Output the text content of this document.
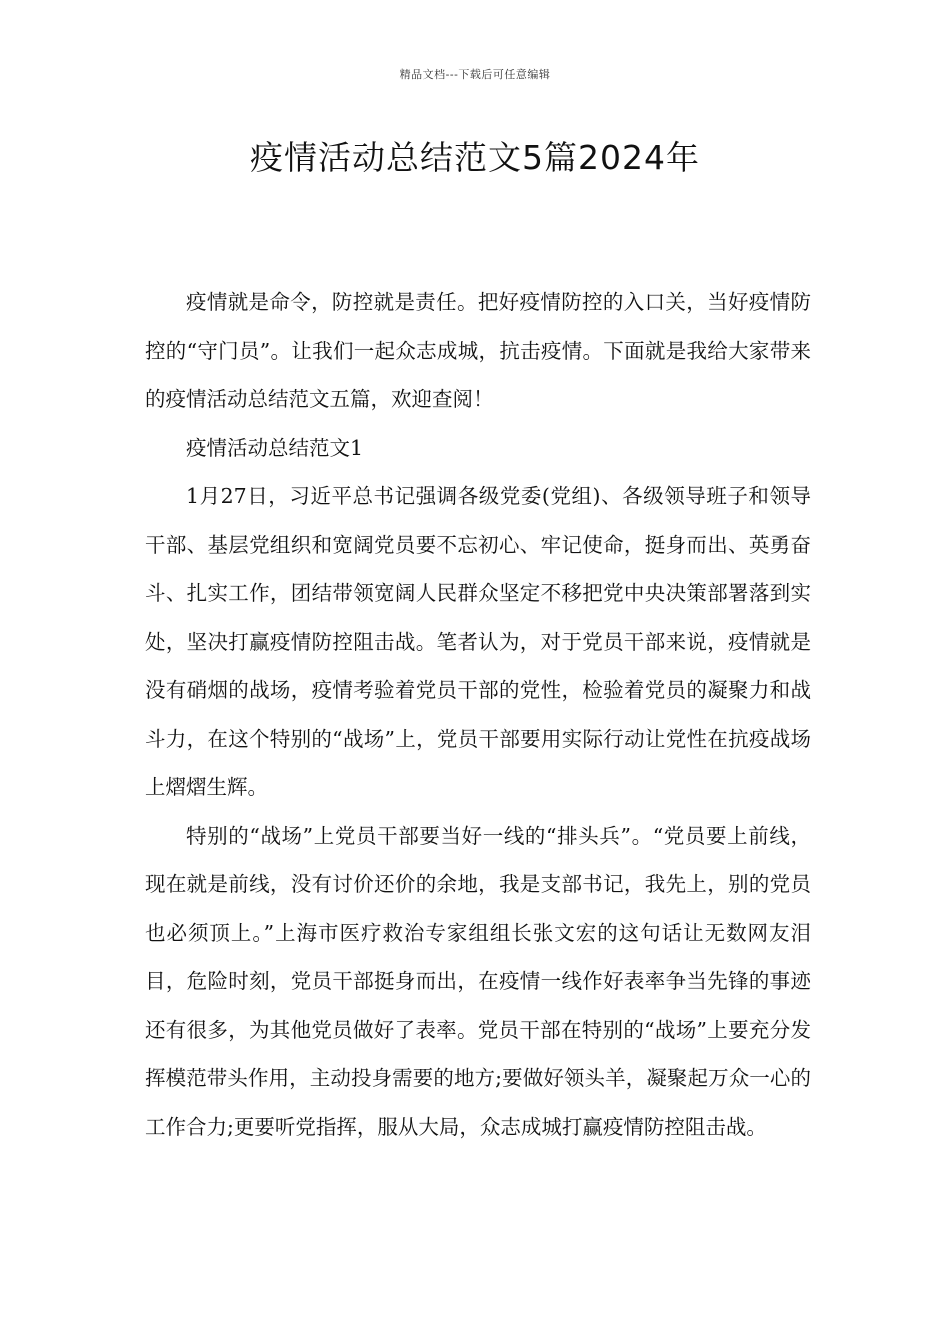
精品文档---下载后可任意编辑
疫情活动总结范文5篇2024年

疫情就是命令，防控就是责任。把好疫情防控的入口关，当好疫情防控的“守门员”。让我们一起众志成城，抗击疫情。下面就是我给大家带来的疫情活动总结范文五篇，欢迎查阅！

疫情活动总结范文1

1月27日，习近平总书记强调各级党委(党组)、各级领导班子和领导干部、基层党组织和宽阔党员要不忘初心、牢记使命，挺身而出、英勇奋斗、扎实工作，团结带领宽阔人民群众坚定不移把党中央决策部署落到实处，坚决打赢疫情防控阻击战。笔者认为，对于党员干部来说，疫情就是没有硝烟的战场，疫情考验着党员干部的党性，检验着党员的凝聚力和战斗力，在这个特别的“战场”上，党员干部要用实际行动让党性在抗疫战场上熠熠生辉。

特别的“战场”上党员干部要当好一线的“排头兵”。“党员要上前线，现在就是前线，没有讨价还价的余地，我是支部书记，我先上，别的党员也必须顶上。”上海市医疗救治专家组组长张文宏的这句话让无数网友泪目，危险时刻，党员干部挺身而出，在疫情一线作好表率争当先锋的事迹还有很多，为其他党员做好了表率。党员干部在特别的“战场”上要充分发挥模范带头作用，主动投身需要的地方;要做好领头羊，凝聚起万众一心的工作合力;更要听党指挥，服从大局，众志成城打赢疫情防控阻击战。
